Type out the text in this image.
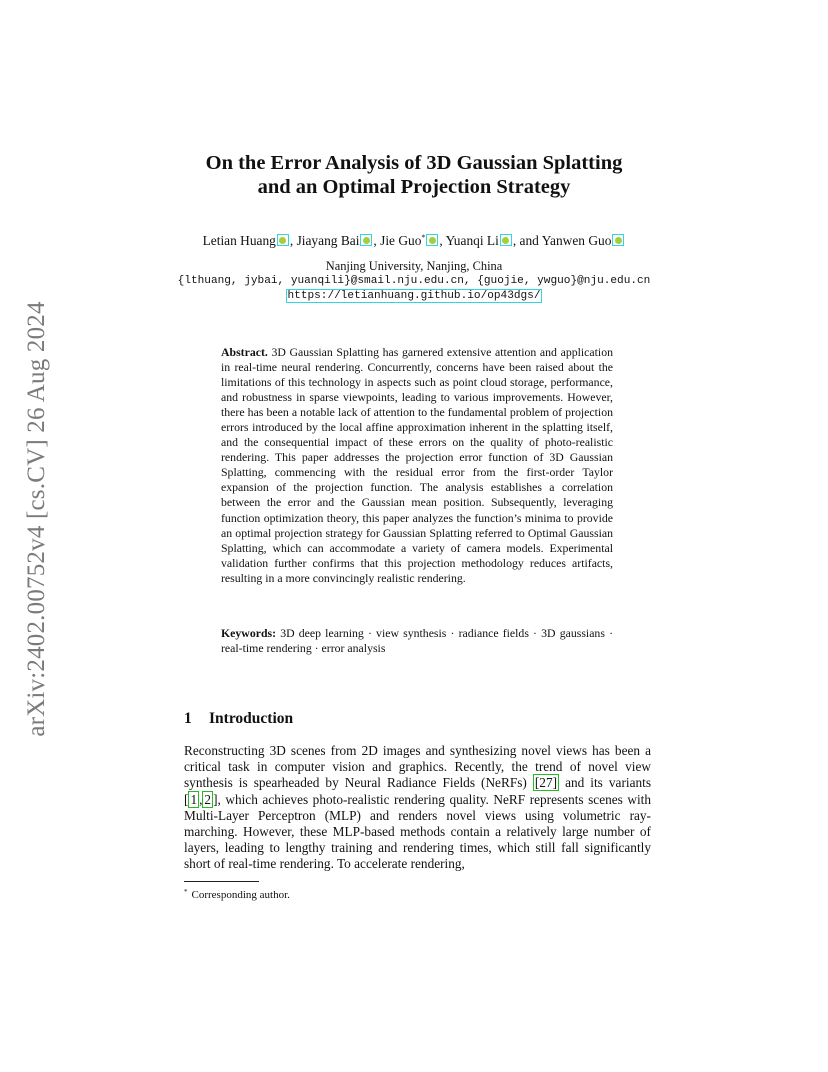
arXiv:2402.00752v4 [cs.CV] 26 Aug 2024
On the Error Analysis of 3D Gaussian Splatting
and an Optimal Projection Strategy
Letian Huang , Jiayang Bai , Jie Guo* , Yuanqi Li , and Yanwen Guo
Nanjing University, Nanjing, China
{lthuang, jybai, yuanqili}@smail.nju.edu.cn, {guojie, ywguo}@nju.edu.cn
https://letianhuang.github.io/op43dgs/
Abstract. 3D Gaussian Splatting has garnered extensive attention and application in real-time neural rendering. Concurrently, concerns have been raised about the limitations of this technology in aspects such as point cloud storage, performance, and robustness in sparse viewpoints, leading to various improvements. However, there has been a notable lack of attention to the fundamental problem of projection errors introduced by the local affine approximation inherent in the splatting itself, and the consequential impact of these errors on the quality of photo-realistic rendering. This paper addresses the projection error function of 3D Gaussian Splatting, commencing with the residual error from the first-order Taylor expansion of the projection function. The analysis establishes a correlation between the error and the Gaussian mean position. Subsequently, leveraging function optimization theory, this paper analyzes the function’s minima to provide an optimal projection strategy for Gaussian Splatting referred to Optimal Gaussian Splatting, which can accommodate a variety of camera models. Experimental validation further confirms that this projection methodology reduces artifacts, resulting in a more convincingly realistic rendering.
Keywords: 3D deep learning · view synthesis · radiance fields · 3D gaussians · real-time rendering · error analysis
1 Introduction
Reconstructing 3D scenes from 2D images and synthesizing novel views has been a critical task in computer vision and graphics. Recently, the trend of novel view synthesis is spearheaded by Neural Radiance Fields (NeRFs) [27] and its variants [ 1 , 2 ], which achieves photo-realistic rendering quality. NeRF represents scenes with Multi-Layer Perceptron (MLP) and renders novel views using volumetric ray-marching. However, these MLP-based methods contain a relatively large number of layers, leading to lengthy training and rendering times, which still fall significantly short of real-time rendering. To accelerate rendering,
* Corresponding author.
